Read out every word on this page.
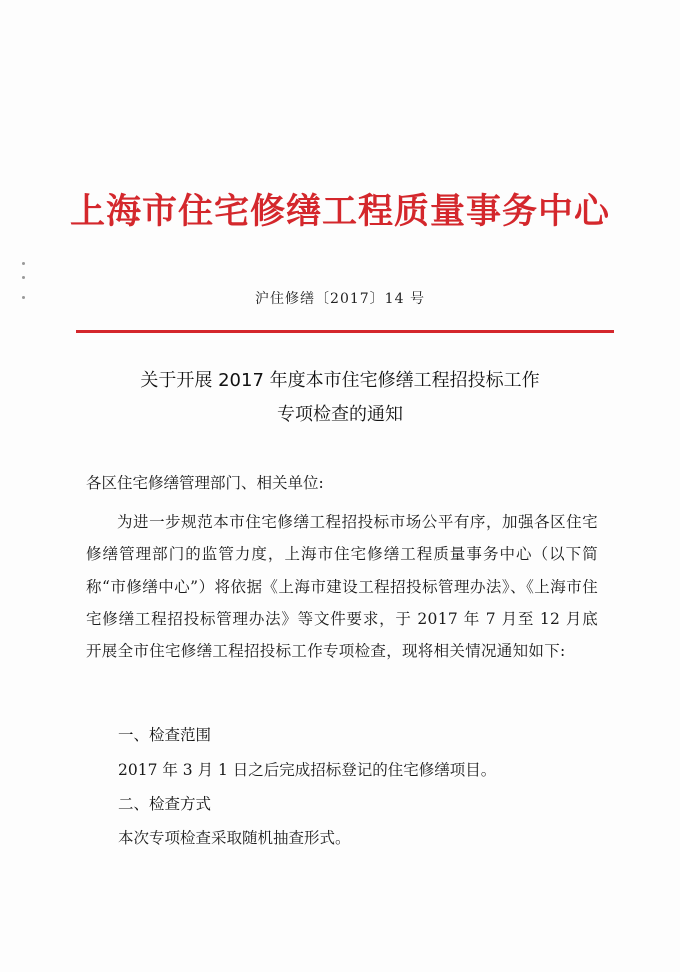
上海市住宅修缮工程质量事务中心
沪住修缮〔2017〕14 号
关于开展 2017 年度本市住宅修缮工程招投标工作
专项检查的通知
各区住宅修缮管理部门、相关单位:
为进一步规范本市住宅修缮工程招投标市场公平有序，加强各区住宅修缮管理部门的监管力度，上海市住宅修缮工程质量事务中心（以下简称“市修缮中心”）将依据《上海市建设工程招投标管理办法》、《上海市住宅修缮工程招投标管理办法》等文件要求，于 2017 年 7 月至 12 月底开展全市住宅修缮工程招投标工作专项检查，现将相关情况通知如下:
一、检查范围
2017 年 3 月 1 日之后完成招标登记的住宅修缮项目。
二、检查方式
本次专项检查采取随机抽查形式。
